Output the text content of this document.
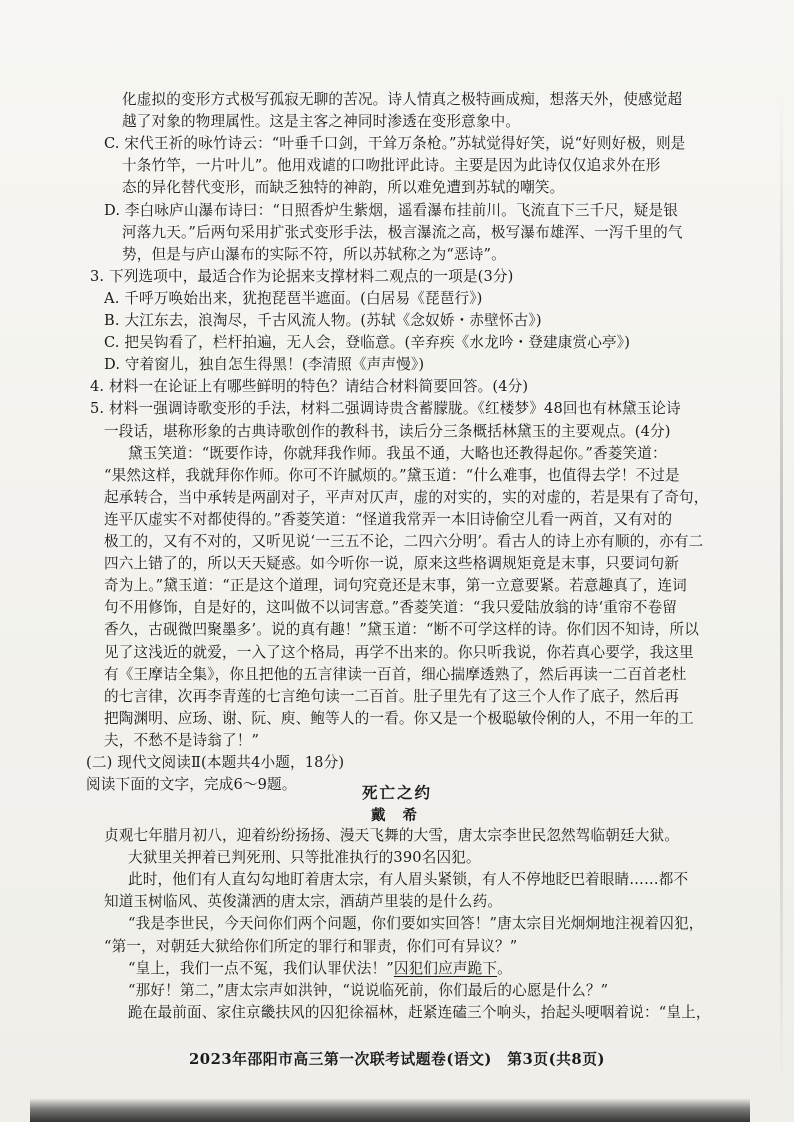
化虚拟的变形方式极写孤寂无聊的苦况。诗人情真之极特画成痴，想落天外，使感觉超
越了对象的物理属性。这是主客之神同时渗透在变形意象中。
C. 宋代王祈的咏竹诗云：“叶垂千口剑，干耸万条枪。”苏轼觉得好笑，说“好则好极，则是
十条竹竿，一片叶儿”。他用戏谑的口吻批评此诗。主要是因为此诗仅仅追求外在形
态的异化替代变形，而缺乏独特的神韵，所以难免遭到苏轼的嘲笑。
D. 李白咏庐山瀑布诗曰：“日照香炉生紫烟，遥看瀑布挂前川。飞流直下三千尺，疑是银
河落九天。”后两句采用扩张式变形手法，极言瀑流之高，极写瀑布雄浑、一泻千里的气
势，但是与庐山瀑布的实际不符，所以苏轼称之为“恶诗”。
3. 下列选项中，最适合作为论据来支撑材料二观点的一项是(3分)
A. 千呼万唤始出来，犹抱琵琶半遮面。(白居易《琵琶行》)
B. 大江东去，浪淘尽，千古风流人物。(苏轼《念奴娇・赤壁怀古》)
C. 把吴钩看了，栏杆拍遍，无人会，登临意。(辛弃疾《水龙吟・登建康赏心亭》)
D. 守着窗儿，独自怎生得黑！(李清照《声声慢》)
4. 材料一在论证上有哪些鲜明的特色？请结合材料简要回答。(4分)
5. 材料一强调诗歌变形的手法，材料二强调诗贵含蓄朦胧。《红楼梦》48回也有林黛玉论诗
一段话，堪称形象的古典诗歌创作的教科书，读后分三条概括林黛玉的主要观点。(4分)
黛玉笑道：“既要作诗，你就拜我作师。我虽不通，大略也还教得起你。”香菱笑道：
“果然这样，我就拜你作师。你可不许腻烦的。”黛玉道：“什么难事，也值得去学！不过是
起承转合，当中承转是两副对子，平声对仄声，虚的对实的，实的对虚的，若是果有了奇句，
连平仄虚实不对都使得的。”香菱笑道：“怪道我常弄一本旧诗偷空儿看一两首，又有对的
极工的，又有不对的，又听见说‘一三五不论，二四六分明’。看古人的诗上亦有顺的，亦有二
四六上错了的，所以天天疑惑。如今听你一说，原来这些格调规矩竟是末事，只要词句新
奇为上。”黛玉道：“正是这个道理，词句究竟还是末事，第一立意要紧。若意趣真了，连词
句不用修饰，自是好的，这叫做不以词害意。”香菱笑道：“我只爱陆放翁的诗‘重帘不卷留
香久，古砚微凹聚墨多’。说的真有趣！”黛玉道：“断不可学这样的诗。你们因不知诗，所以
见了这浅近的就爱，一入了这个格局，再学不出来的。你只听我说，你若真心要学，我这里
有《王摩诘全集》，你且把他的五言律读一百首，细心揣摩透熟了，然后再读一二百首老杜
的七言律，次再李青莲的七言绝句读一二百首。肚子里先有了这三个人作了底子，然后再
把陶渊明、应玚、谢、阮、庾、鲍等人的一看。你又是一个极聪敏伶俐的人，不用一年的工
夫，不愁不是诗翁了！”
(二) 现代文阅读Ⅱ(本题共4小题，18分)
阅读下面的文字，完成6～9题。	死亡之约
戴 希
贞观七年腊月初八，迎着纷纷扬扬、漫天飞舞的大雪，唐太宗李世民忽然驾临朝廷大狱。
大狱里关押着已判死刑、只等批准执行的390名囚犯。
此时，他们有人直勾勾地盯着唐太宗，有人眉头紧锁，有人不停地眨巴着眼睛……都不
知道玉树临风、英俊潇洒的唐太宗，酒葫芦里装的是什么药。
“我是李世民，今天问你们两个问题，你们要如实回答！”唐太宗目光炯炯地注视着囚犯，
“第一，对朝廷大狱给你们所定的罪行和罪责，你们可有异议？”
“皇上，我们一点不冤，我们认罪伏法！”囚犯们应声跪下。
“那好！第二，”唐太宗声如洪钟，“说说临死前，你们最后的心愿是什么？”
跪在最前面、家住京畿扶风的囚犯徐福林，赶紧连磕三个响头，抬起头哽咽着说：“皇上，
2023年邵阳市高三第一次联考试题卷(语文)　第3页(共8页)
